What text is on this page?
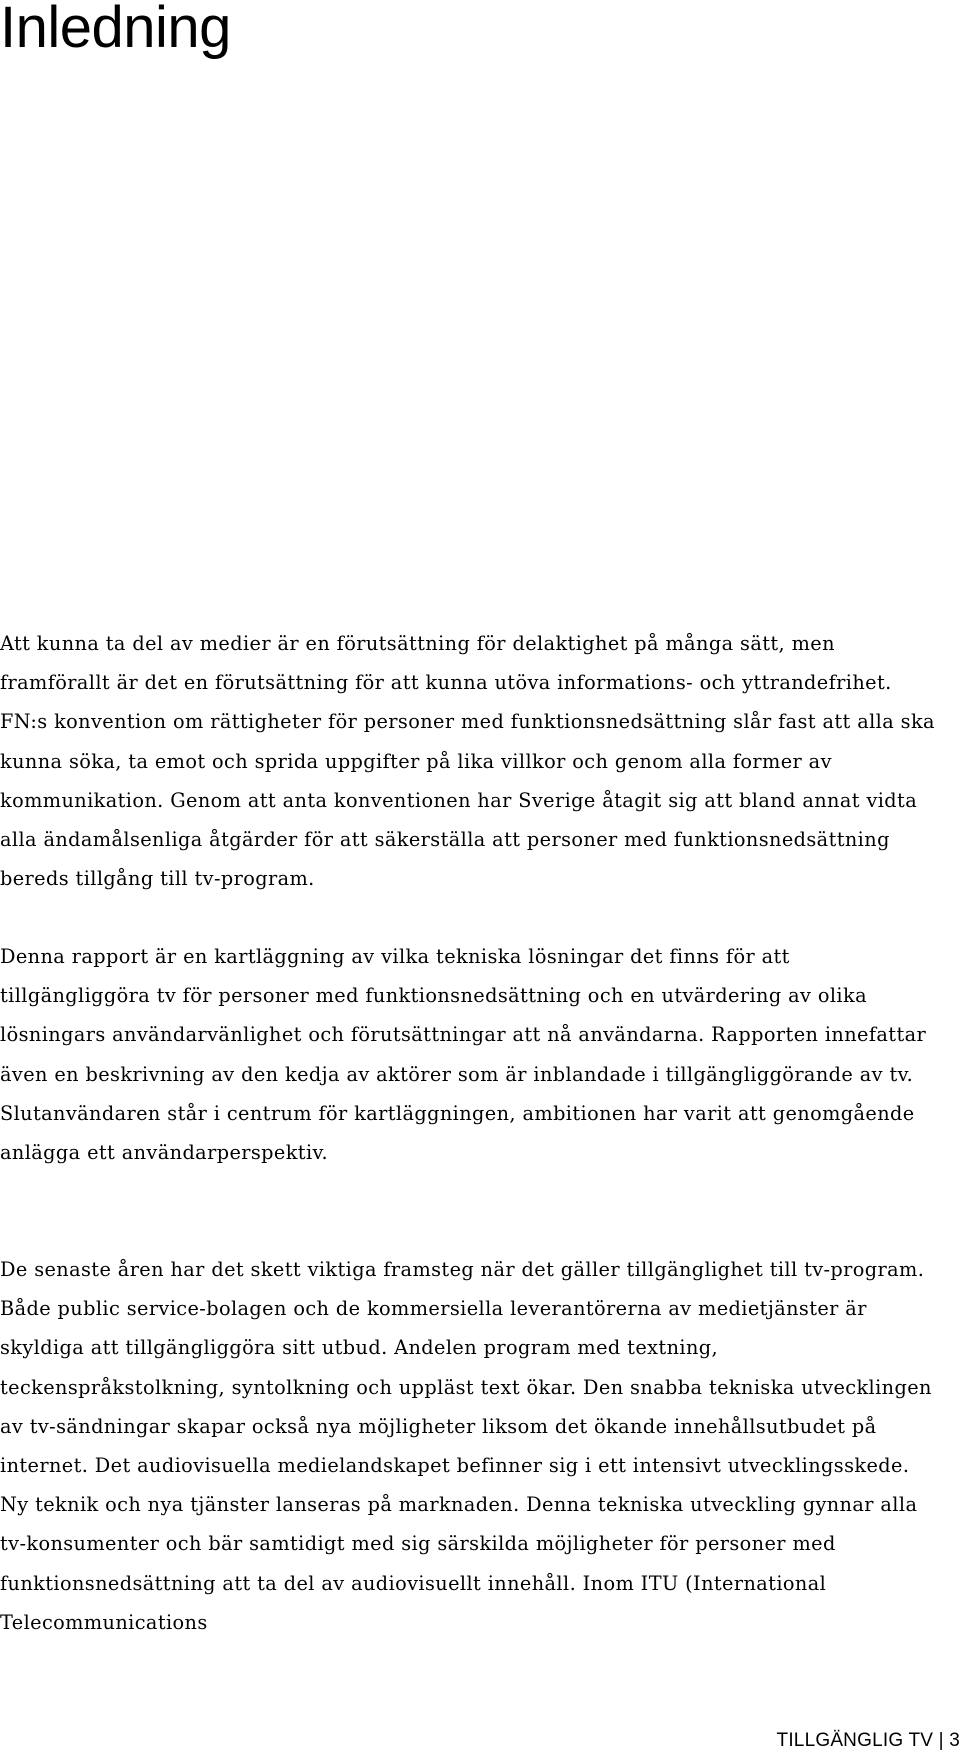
Inledning

Att kunna ta del av medier är en förutsättning för delaktighet på många sätt, men framförallt är det en förutsättning för att kunna utöva informations- och yttrandefrihet. FN:s konvention om rättigheter för personer med funktionsnedsättning slår fast att alla ska kunna söka, ta emot och sprida uppgifter på lika villkor och genom alla former av kommunikation. Genom att anta konventionen har Sverige åtagit sig att bland annat vidta alla ändamålsenliga åtgärder för att säkerställa att personer med funktionsnedsättning bereds tillgång till tv-program.

Denna rapport är en kartläggning av vilka tekniska lösningar det finns för att tillgängliggöra tv för personer med funktionsnedsättning och en utvärdering av olika lösningars användarvänlighet och förutsättningar att nå användarna. Rapporten innefattar även en beskrivning av den kedja av aktörer som är inblandade i tillgängliggörande av tv. Slutanvändaren står i centrum för kartläggningen, ambitionen har varit att genomgående anlägga ett användarperspektiv.

De senaste åren har det skett viktiga framsteg när det gäller tillgänglighet till tv-program. Både public service-bolagen och de kommersiella leverantörerna av medietjänster är skyldiga att tillgängliggöra sitt utbud. Andelen program med textning, teckenspråkstolkning, syntolkning och uppläst text ökar. Den snabba tekniska utvecklingen av tv-sändningar skapar också nya möjligheter liksom det ökande innehållsutbudet på internet. Det audiovisuella medielandskapet befinner sig i ett intensivt utvecklingsskede. Ny teknik och nya tjänster lanseras på marknaden. Denna tekniska utveckling gynnar alla tv-konsumenter och bär samtidigt med sig särskilda möjligheter för personer med funktionsnedsättning att ta del av audiovisuellt innehåll. Inom ITU (International Telecommunications

TILLGÄNGLIG TV | 3
